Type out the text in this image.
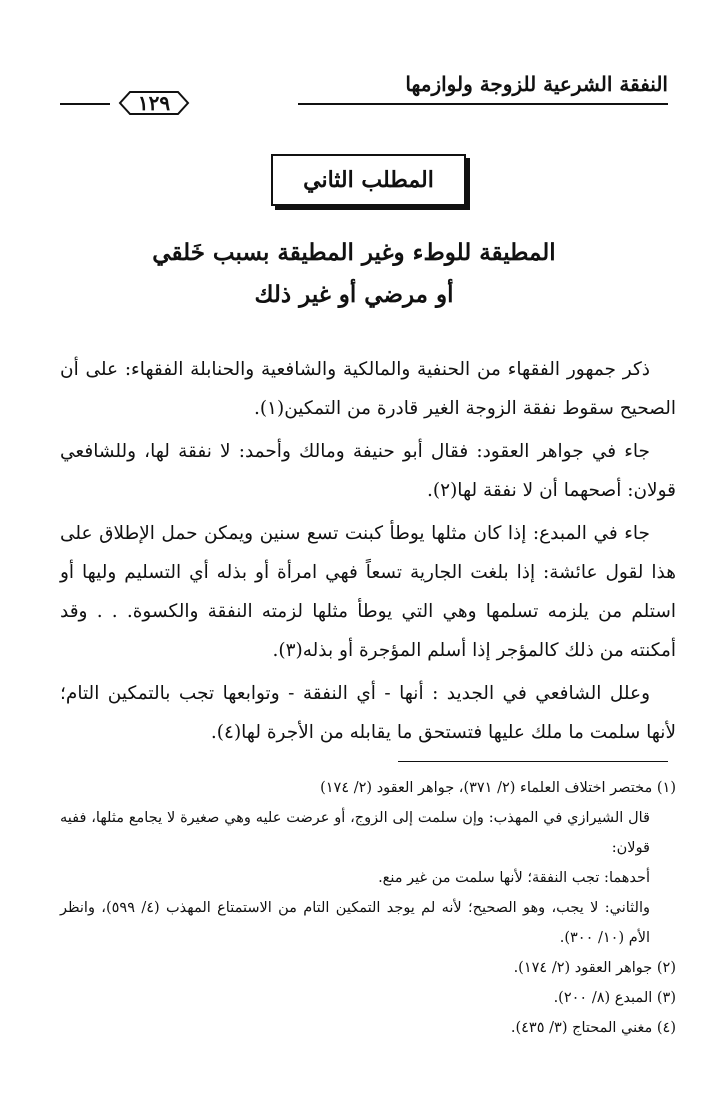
النفقة الشرعية للزوجة ولوازمها
١٢٩
المطلب الثاني
المطيقة للوطء وغير المطيقة بسبب خَلقي
أو مرضي أو غير ذلك

ذكر جمهور الفقهاء من الحنفية والمالكية والشافعية والحنابلة الفقهاء: على أن الصحيح سقوط نفقة الزوجة الغير قادرة من التمكين(١).

جاء في جواهر العقود: فقال أبو حنيفة ومالك وأحمد: لا نفقة لها، وللشافعي قولان: أصحهما أن لا نفقة لها(٢).

جاء في المبدع: إذا كان مثلها يوطأ كبنت تسع سنين ويمكن حمل الإطلاق على هذا لقول عائشة: إذا بلغت الجارية تسعاً فهي امرأة أو بذله أي التسليم وليها أو استلم من يلزمه تسلمها وهي التي يوطأ مثلها لزمته النفقة والكسوة. . . وقد أمكنته من ذلك كالمؤجر إذا أسلم المؤجرة أو بذله(٣).

وعلل الشافعي في الجديد : أنها - أي النفقة - وتوابعها تجب بالتمكين التام؛ لأنها سلمت ما ملك عليها فتستحق ما يقابله من الأجرة لها(٤).

(١) مختصر اختلاف العلماء (٢/ ٣٧١)، جواهر العقود (٢/ ١٧٤)

قال الشيرازي في المهذب: وإن سلمت إلى الزوج، أو عرضت عليه وهي صغيرة لا يجامع مثلها، ففيه قولان:

أحدهما: تجب النفقة؛ لأنها سلمت من غير منع.

والثاني: لا يجب، وهو الصحيح؛ لأنه لم يوجد التمكين التام من الاستمتاع المهذب (٤/ ٥٩٩)، وانظر الأم (١٠/ ٣٠٠).

(٢) جواهر العقود (٢/ ١٧٤).

(٣) المبدع (٨/ ٢٠٠).

(٤) مغني المحتاج (٣/ ٤٣٥).
